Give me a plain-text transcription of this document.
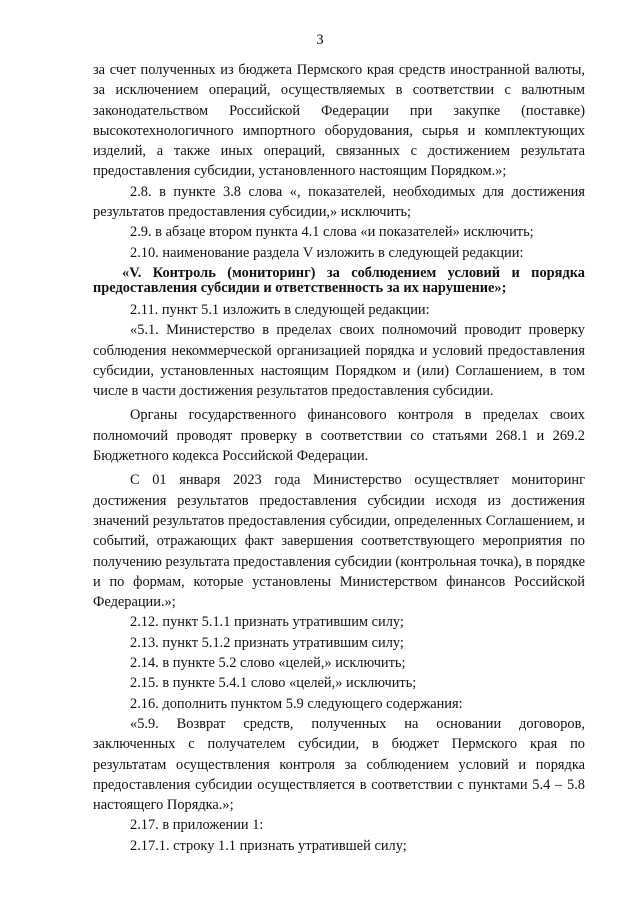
3

за счет полученных из бюджета Пермского края средств иностранной валюты, за исключением операций, осуществляемых в соответствии с валютным законодательством Российской Федерации при закупке (поставке) высокотехнологичного импортного оборудования, сырья и комплектующих изделий, а также иных операций, связанных с достижением результата предоставления субсидии, установленного настоящим Порядком.»;

2.8. в пункте 3.8 слова «, показателей, необходимых для достижения результатов предоставления субсидии,» исключить;

2.9. в абзаце втором пункта 4.1 слова «и показателей» исключить;

2.10. наименование раздела V изложить в следующей редакции:

«V. Контроль (мониторинг) за соблюдением условий и порядка предоставления субсидии и ответственность за их нарушение»;

2.11. пункт 5.1 изложить в следующей редакции:

«5.1. Министерство в пределах своих полномочий проводит проверку соблюдения некоммерческой организацией порядка и условий предоставления субсидии, установленных настоящим Порядком и (или) Соглашением, в том числе в части достижения результатов предоставления субсидии.

Органы государственного финансового контроля в пределах своих полномочий проводят проверку в соответствии со статьями 268.1 и 269.2 Бюджетного кодекса Российской Федерации.

С 01 января 2023 года Министерство осуществляет мониторинг достижения результатов предоставления субсидии исходя из достижения значений результатов предоставления субсидии, определенных Соглашением, и событий, отражающих факт завершения соответствующего мероприятия по получению результата предоставления субсидии (контрольная точка), в порядке и по формам, которые установлены Министерством финансов Российской Федерации.»;

2.12. пункт 5.1.1 признать утратившим силу;

2.13. пункт 5.1.2 признать утратившим силу;

2.14. в пункте 5.2 слово «целей,» исключить;

2.15. в пункте 5.4.1 слово «целей,» исключить;

2.16. дополнить пунктом 5.9 следующего содержания:

«5.9. Возврат средств, полученных на основании договоров, заключенных с получателем субсидии, в бюджет Пермского края по результатам осуществления контроля за соблюдением условий и порядка предоставления субсидии осуществляется в соответствии с пунктами 5.4 – 5.8 настоящего Порядка.»;

2.17. в приложении 1:

2.17.1. строку 1.1 признать утратившей силу;
